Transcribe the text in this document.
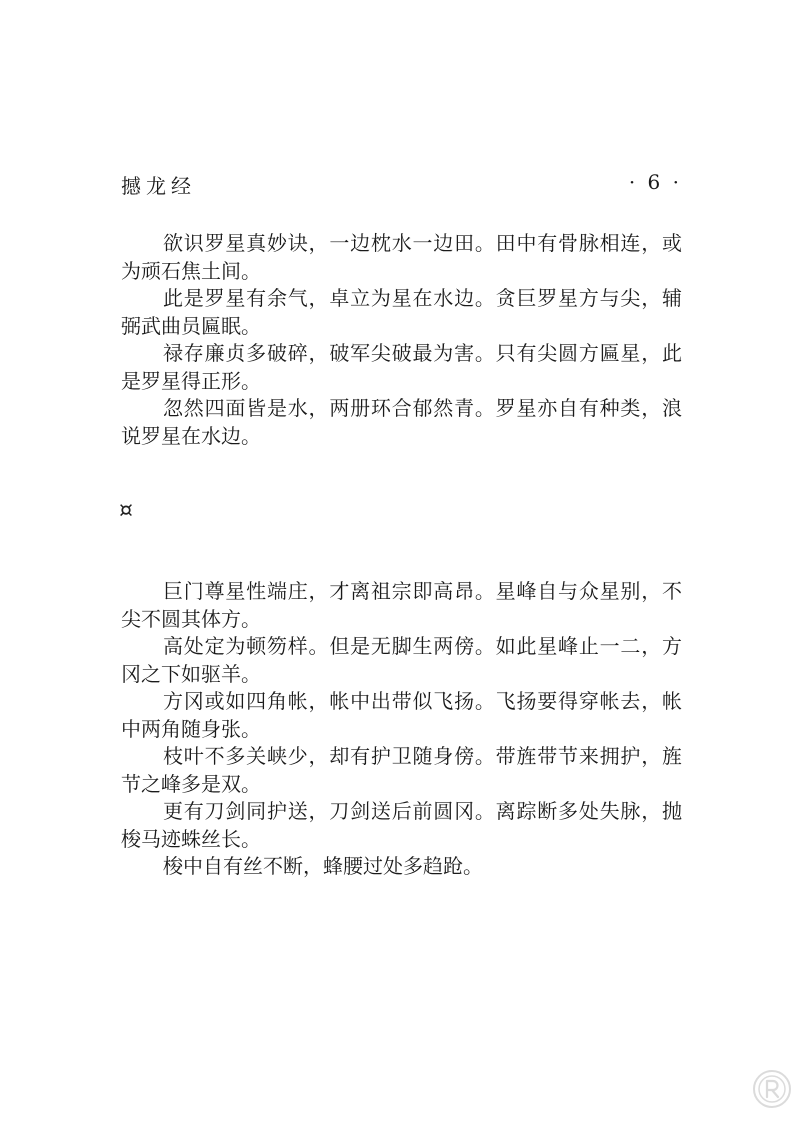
撼龙经	· 6 ·

欲识罗星真妙诀，一边枕水一边田。田中有骨脉相连，或为顽石焦土间。

此是罗星有余气，卓立为星在水边。贪巨罗星方与尖，辅弼武曲员匾眠。

禄存廉贞多破碎，破军尖破最为害。只有尖圆方匾星，此是罗星得正形。

忽然四面皆是水，两册环合郁然青。罗星亦自有种类，浪说罗星在水边。

¤

巨门尊星性端庄，才离祖宗即高昂。星峰自与众星别，不尖不圆其体方。

高处定为顿笏样。但是无脚生两傍。如此星峰止一二，方冈之下如驱羊。

方冈或如四角帐，帐中出带似飞扬。飞扬要得穿帐去，帐中两角随身张。

枝叶不多关峡少，却有护卫随身傍。带旌带节来拥护，旌节之峰多是双。

更有刀剑同护送，刀剑送后前圆冈。离踪断多处失脉，抛梭马迹蛛丝长。

梭中自有丝不断，蜂腰过处多趋跄。
